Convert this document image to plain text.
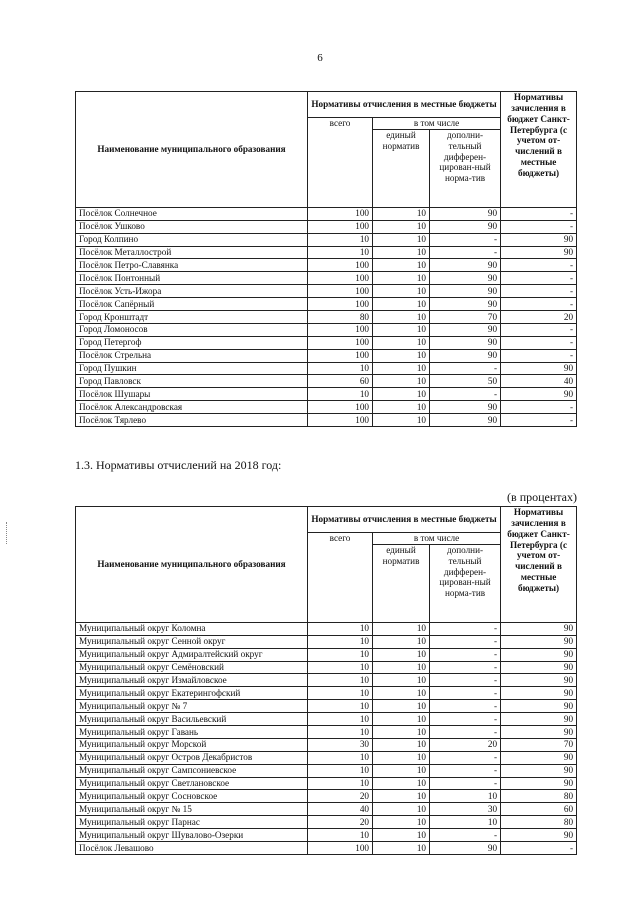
6
Наименование муниципального образования	Нормативы отчисления в местные бюджеты			Нормативы зачисления в бюджет Санкт-Петербурга (с учетом от-числений в местные бюджеты)

	всего	в том числе		

		единый норматив	дополни-тельный дифферен-цирован-ный норма-тив	

Посёлок Солнечное	100	10	90	-
Посёлок Ушково	100	10	90	-
Город Колпино	10	10	-	90
Посёлок Металлострой	10	10	-	90
Посёлок Петро-Славянка	100	10	90	-
Посёлок Понтонный	100	10	90	-
Посёлок Усть-Ижора	100	10	90	-
Посёлок Сапёрный	100	10	90	-
Город Кронштадт	80	10	70	20
Город Ломоносов	100	10	90	-
Город Петергоф	100	10	90	-
Посёлок Стрельна	100	10	90	-
Город Пушкин	10	10	-	90
Город Павловск	60	10	50	40
Посёлок Шушары	10	10	-	90
Посёлок Александровская	100	10	90	-
Посёлок Тярлево	100	10	90	-
1.3. Нормативы отчислений на 2018 год:
(в процентах)
Наименование муниципального образования	Нормативы отчисления в местные бюджеты			Нормативы зачисления в бюджет Санкт-Петербурга (с учетом от-числений в местные бюджеты)

	всего	в том числе		

		единый норматив	дополни-тельный дифферен-цирован-ный норма-тив	

Муниципальный округ Коломна	10	10	-	90
Муниципальный округ Сенной округ	10	10	-	90
Муниципальный округ Адмиралтейский округ	10	10	-	90
Муниципальный округ Семёновский	10	10	-	90
Муниципальный округ Измайловское	10	10	-	90
Муниципальный округ Екатерингофский	10	10	-	90
Муниципальный округ № 7	10	10	-	90
Муниципальный округ Васильевский	10	10	-	90
Муниципальный округ Гавань	10	10	-	90
Муниципальный округ Морской	30	10	20	70
Муниципальный округ Остров Декабристов	10	10	-	90
Муниципальный округ Сампсониевское	10	10	-	90
Муниципальный округ Светлановское	10	10	-	90
Муниципальный округ Сосновское	20	10	10	80
Муниципальный округ № 15	40	10	30	60
Муниципальный округ Парнас	20	10	10	80
Муниципальный округ Шувалово-Озерки	10	10	-	90
Посёлок Левашово	100	10	90	-
